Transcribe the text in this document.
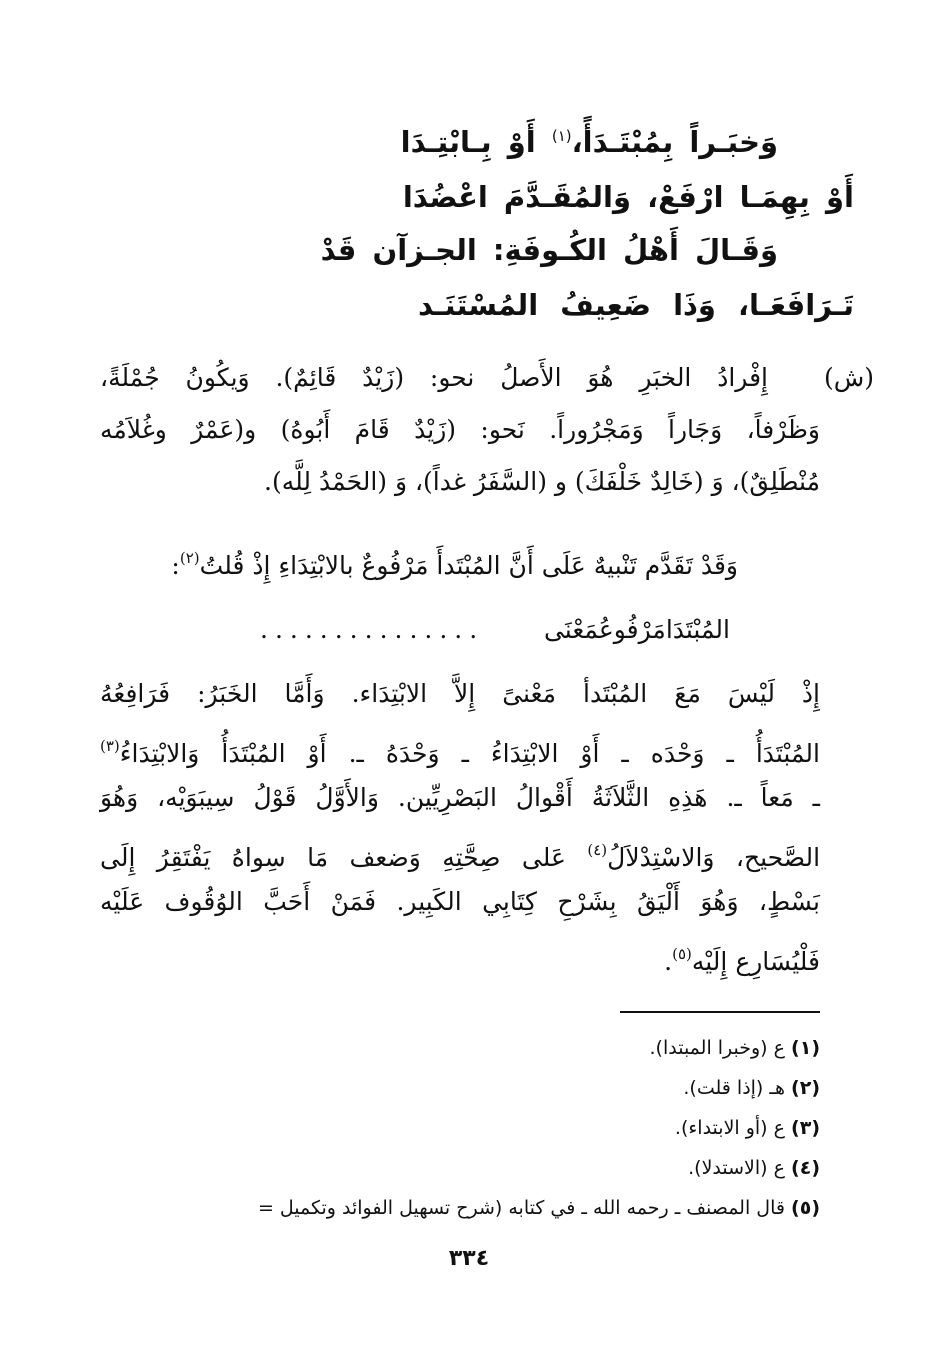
وَخبَـراً بِمُبْتَـدَأً،$^{(١)}$ أَوْ بِـابْتِـدَا
أَوْ بِهِمَـا ارْفَعْ، وَالمُقَـدَّمَ اعْضُدَا
وَقَـالَ أَهْلُ الكُـوفَةِ: الجـزآن قَدْ
تَـرَافَعَـا، وَذَا ضَعِيفُ المُسْتَنَـد
(ش)
إِفْرادُ الخبَرِ هُوَ الأَصلُ نحو: (زَيْدٌ قَائِمٌ). وَيكُونُ جُمْلَةً،
وَظَرْفاً، وَجَاراً وَمَجْرُوراً. نَحو: (زَيْدٌ قَامَ أَبُوهُ) و(عَمْرٌ وغُلاَمُه
مُنْطَلِقٌ)، وَ (خَالِدٌ خَلْفَكَ) و (السَّفَرُ غداً)، وَ (الحَمْدُ لِلَّه).
وَقَدْ تَقَدَّم تَنْبيهٌ عَلَى أَنَّ المُبْتَدأَ مَرْفُوعٌ بالابْتِدَاءِ إِذْ قُلتُ$^{(٢)}$:
المُبْتَدَامَرْفُوعُمَعْنَى
...............
إِذْ لَيْسَ مَعَ المُبْتَدأ مَعْنىً إِلاَّ الابْتِدَاء. وَأَمَّا الخَبَرُ: فَرَافِعُهُ
المُبْتَدَأُ ـ وَحْدَه ـ أَوْ الابْتِدَاءُ ـ وَحْدَهُ ـ. أَوْ المُبْتَدَأُ وَالابْتِدَاءُ$^{(٣)}$
ـ مَعاً ـ. هَذِهِ الثَّلاَثَةُ أَقْوالُ البَصْرِيِّين. وَالأَوَّلُ قَوْلُ سِيبَوَيْه، وَهُوَ
الصَّحيح، وَالاسْتِدْلاَلُ$^{(٤)}$ عَلى صِحَّتِهِ وَضعف مَا سِواهُ يَفْتَقِرُ إِلَى
بَسْطٍ، وَهُوَ أَلْيَقُ بِشَرْحِ كِتَابِي الكَبِير. فَمَنْ أَحَبَّ الوُقُوف عَلَيْه
فَلْيُسَارِع إِلَيْه$^{(٥)}$.
(١) ع (وخبرا المبتدا).
(٢) هـ (إذا قلت).
(٣) ع (أو الابتداء).
(٤) ع (الاستدلا).
(٥) قال المصنف ـ رحمه الله ـ في كتابه (شرح تسهيل الفوائد وتكميل =
٣٣٤
